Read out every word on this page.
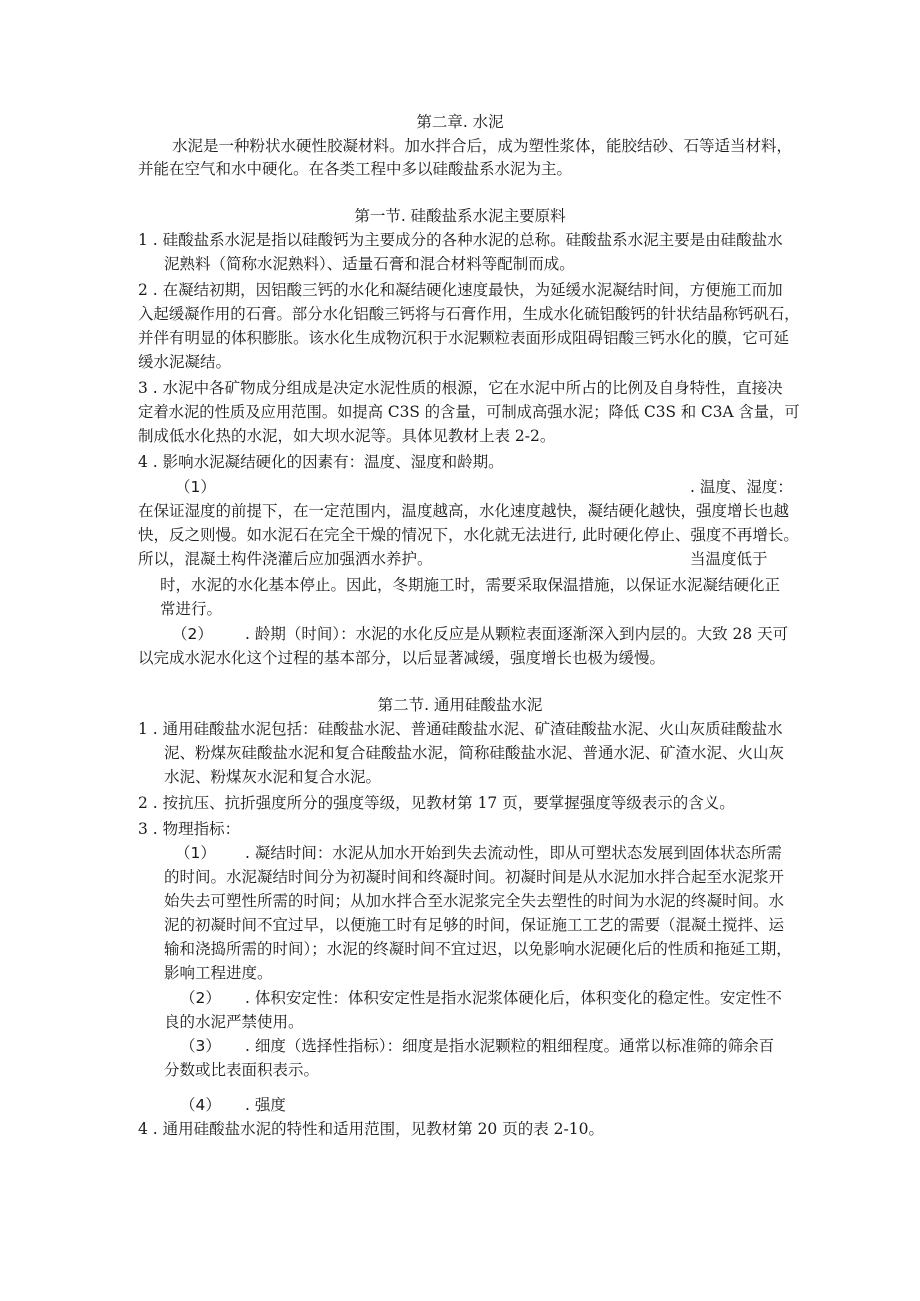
第二章. 水泥
水泥是一种粉状水硬性胶凝材料。加水拌合后，成为塑性浆体，能胶结砂、石等适当材料，
并能在空气和水中硬化。在各类工程中多以硅酸盐系水泥为主。
第一节. 硅酸盐系水泥主要原料
1 . 硅酸盐系水泥是指以硅酸钙为主要成分的各种水泥的总称。硅酸盐系水泥主要是由硅酸盐水
泥熟料（简称水泥熟料）、适量石膏和混合材料等配制而成。
2 . 在凝结初期，因铝酸三钙的水化和凝结硬化速度最快，为延缓水泥凝结时间，方便施工而加
入起缓凝作用的石膏。部分水化铝酸三钙将与石膏作用，生成水化硫铝酸钙的针状结晶称钙矾石，
并伴有明显的体积膨胀。该水化生成物沉积于水泥颗粒表面形成阻碍铝酸三钙水化的膜，它可延
缓水泥凝结。
3 . 水泥中各矿物成分组成是决定水泥性质的根源，它在水泥中所占的比例及自身特性，直接决
定着水泥的性质及应用范围。如提高 C3S 的含量，可制成高强水泥；降低 C3S 和 C3A 含量，可
制成低水化热的水泥，如大坝水泥等。具体见教材上表 2-2。
4 . 影响水泥凝结硬化的因素有：温度、湿度和龄期。
（1）	. 温度、湿度：
在保证湿度的前提下，在一定范围内，温度越高，水化速度越快，凝结硬化越快，强度增长也越
快，反之则慢。如水泥石在完全干燥的情况下，水化就无法进行, 此时硬化停止、强度不再增长。
所以，混凝土构件浇灌后应加强洒水养护。	当温度低于
时，水泥的水化基本停止。因此，冬期施工时，需要采取保温措施，以保证水泥凝结硬化正
常进行。
（2） . 龄期（时间）：水泥的水化反应是从颗粒表面逐渐深入到内层的。大致 28 天可
以完成水泥水化这个过程的基本部分，以后显著减缓，强度增长也极为缓慢。
第二节. 通用硅酸盐水泥
1 . 通用硅酸盐水泥包括：硅酸盐水泥、普通硅酸盐水泥、矿渣硅酸盐水泥、火山灰质硅酸盐水
泥、粉煤灰硅酸盐水泥和复合硅酸盐水泥，简称硅酸盐水泥、普通水泥、矿渣水泥、火山灰
水泥、粉煤灰水泥和复合水泥。
2 . 按抗压、抗折强度所分的强度等级，见教材第 17 页，要掌握强度等级表示的含义。
3 . 物理指标：
（1） . 凝结时间：水泥从加水开始到失去流动性，即从可塑状态发展到固体状态所需
的时间。水泥凝结时间分为初凝时间和终凝时间。初凝时间是从水泥加水拌合起至水泥浆开
始失去可塑性所需的时间；从加水拌合至水泥浆完全失去塑性的时间为水泥的终凝时间。水
泥的初凝时间不宜过早，以便施工时有足够的时间，保证施工工艺的需要（混凝土搅拌、运
输和浇捣所需的时间）；水泥的终凝时间不宜过迟，以免影响水泥硬化后的性质和拖延工期，
影响工程进度。
（2） . 体积安定性：体积安定性是指水泥浆体硬化后，体积变化的稳定性。安定性不
良的水泥严禁使用。
（3） . 细度（选择性指标）：细度是指水泥颗粒的粗细程度。通常以标准筛的筛余百
分数或比表面积表示。
（4） . 强度
4 . 通用硅酸盐水泥的特性和适用范围，见教材第 20 页的表 2-10。
